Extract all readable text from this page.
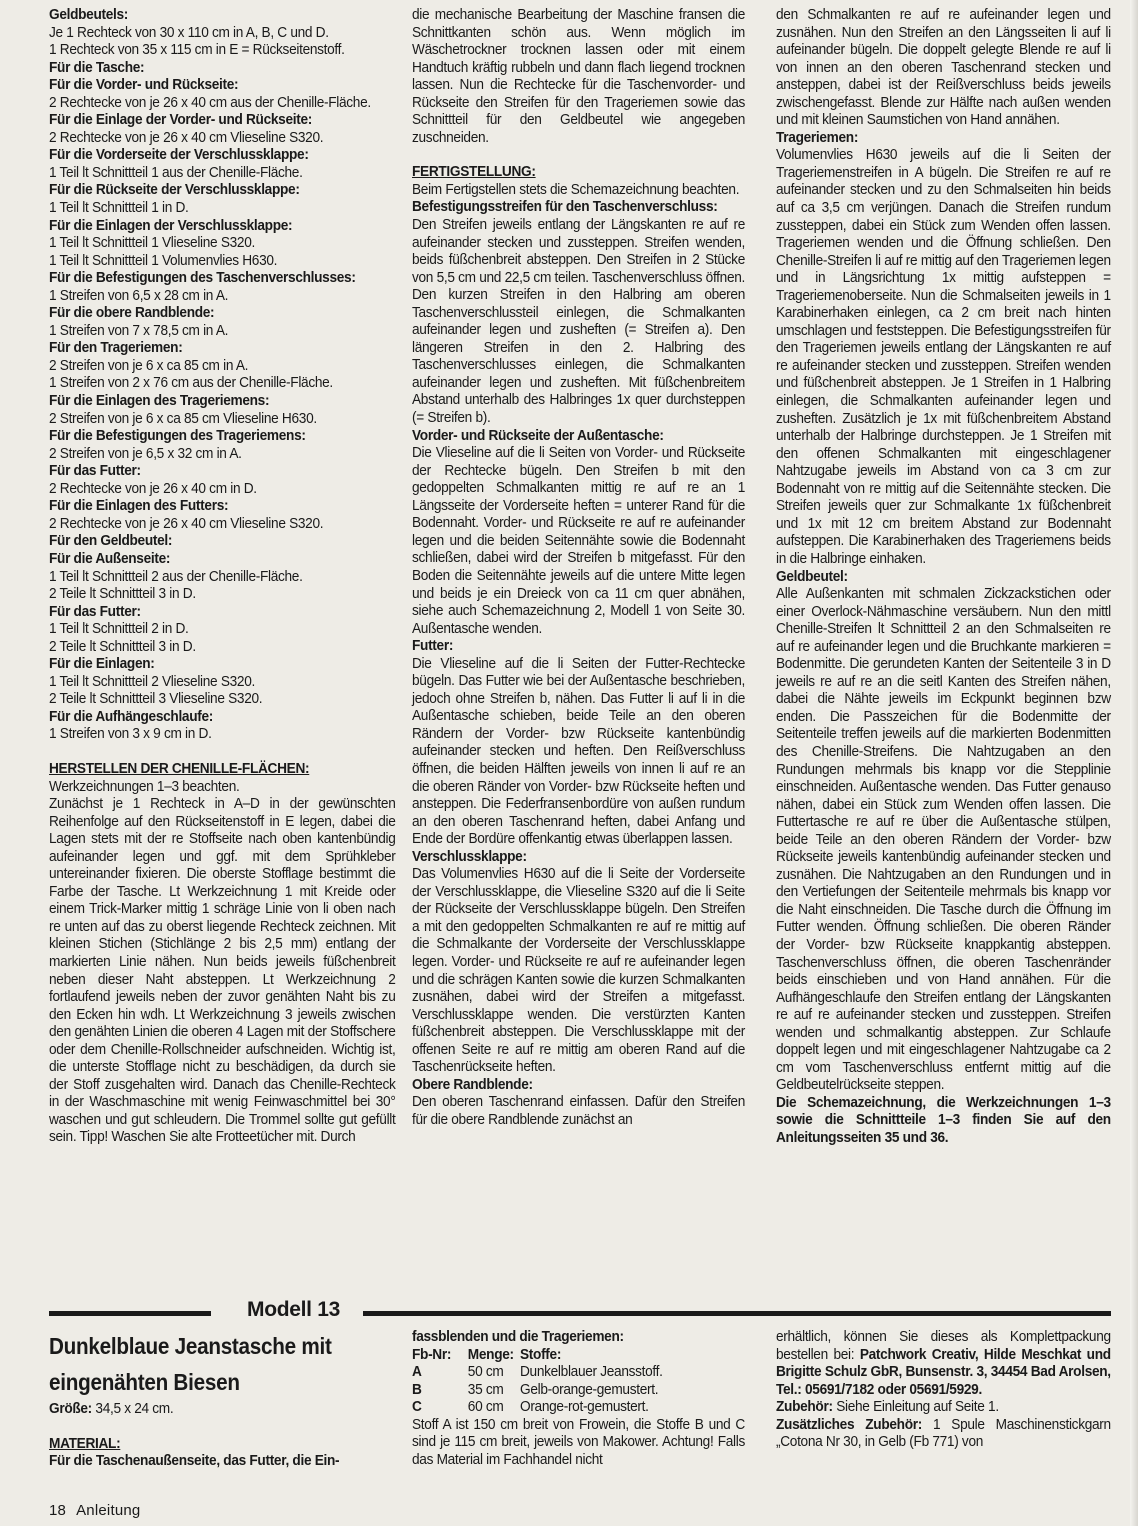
Geldbeutels:

Je 1 Rechteck von 30 x 110 cm in A, B, C und D.

1 Rechteck von 35 x 115 cm in E = Rückseitenstoff.

Für die Tasche:

Für die Vorder- und Rückseite:

2 Rechtecke von je 26 x 40 cm aus der Chenille-Fläche.

Für die Einlage der Vorder- und Rückseite:

2 Rechtecke von je 26 x 40 cm Vlieseline S320.

Für die Vorderseite der Verschlussklappe:

1 Teil lt Schnittteil 1 aus der Chenille-Fläche.

Für die Rückseite der Verschlussklappe:

1 Teil lt Schnittteil 1 in D.

Für die Einlagen der Verschlussklappe:

1 Teil lt Schnittteil 1 Vlieseline S320.

1 Teil lt Schnittteil 1 Volumenvlies H630.

Für die Befestigungen des Taschenverschlusses:

1 Streifen von 6,5 x 28 cm in A.

Für die obere Randblende:

1 Streifen von 7 x 78,5 cm in A.

Für den Trageriemen:

2 Streifen von je 6 x ca 85 cm in A.

1 Streifen von 2 x 76 cm aus der Chenille-Fläche.

Für die Einlagen des Trageriemens:

2 Streifen von je 6 x ca 85 cm Vlieseline H630.

Für die Befestigungen des Trageriemens:

2 Streifen von je 6,5 x 32 cm in A.

Für das Futter:

2 Rechtecke von je 26 x 40 cm in D.

Für die Einlagen des Futters:

2 Rechtecke von je 26 x 40 cm Vlieseline S320.

Für den Geldbeutel:

Für die Außenseite:

1 Teil lt Schnittteil 2 aus der Chenille-Fläche.

2 Teile lt Schnittteil 3 in D.

Für das Futter:

1 Teil lt Schnittteil 2 in D.

2 Teile lt Schnittteil 3 in D.

Für die Einlagen:

1 Teil lt Schnittteil 2 Vlieseline S320.

2 Teile lt Schnittteil 3 Vlieseline S320.

Für die Aufhängeschlaufe:

1 Streifen von 3 x 9 cm in D.

HERSTELLEN DER CHENILLE-FLÄCHEN:

Werkzeichnungen 1–3 beachten.

Zunächst je 1 Rechteck in A–D in der gewünschten Reihenfolge auf den Rückseitenstoff in E legen, dabei die Lagen stets mit der re Stoffseite nach oben kantenbündig aufeinander legen und ggf. mit dem Sprühkleber untereinander fixieren. Die oberste Stofflage bestimmt die Farbe der Tasche. Lt Werkzeichnung 1 mit Kreide oder einem Trick-Marker mittig 1 schräge Linie von li oben nach re unten auf das zu oberst liegende Rechteck zeichnen. Mit kleinen Stichen (Stichlänge 2 bis 2,5 mm) entlang der markierten Linie nähen. Nun beids jeweils füßchenbreit neben dieser Naht absteppen. Lt Werkzeichnung 2 fortlaufend jeweils neben der zuvor genähten Naht bis zu den Ecken hin wdh. Lt Werkzeichnung 3 jeweils zwischen den genähten Linien die oberen 4 Lagen mit der Stoffschere oder dem Chenille-Rollschneider aufschneiden. Wichtig ist, die unterste Stofflage nicht zu beschädigen, da durch sie der Stoff zusgehalten wird. Danach das Chenille-Rechteck in der Waschmaschine mit wenig Feinwaschmittel bei 30° waschen und gut schleudern. Die Trommel sollte gut gefüllt sein. Tipp! Waschen Sie alte Frotteetücher mit. Durch

die mechanische Bearbeitung der Maschine fransen die Schnittkanten schön aus. Wenn möglich im Wäschetrockner trocknen lassen oder mit einem Handtuch kräftig rubbeln und dann flach liegend trocknen lassen. Nun die Rechtecke für die Taschenvorder- und Rückseite den Streifen für den Trageriemen sowie das Schnittteil für den Geldbeutel wie angegeben zuschneiden.

FERTIGSTELLUNG:

Beim Fertigstellen stets die Schemazeichnung beachten.

Befestigungsstreifen für den Taschenverschluss:

Den Streifen jeweils entlang der Längskanten re auf re aufeinander stecken und zussteppen. Streifen wenden, beids füßchenbreit absteppen. Den Streifen in 2 Stücke von 5,5 cm und 22,5 cm teilen. Taschenverschluss öffnen. Den kurzen Streifen in den Halbring am oberen Taschenverschlussteil einlegen, die Schmalkanten aufeinander legen und zusheften (= Streifen a). Den längeren Streifen in den 2. Halbring des Taschenverschlusses einlegen, die Schmalkanten aufeinander legen und zusheften. Mit füßchenbreitem Abstand unterhalb des Halbringes 1x quer durchsteppen (= Streifen b).

Vorder- und Rückseite der Außentasche:

Die Vlieseline auf die li Seiten von Vorder- und Rückseite der Rechtecke bügeln. Den Streifen b mit den gedoppelten Schmalkanten mittig re auf re an 1 Längsseite der Vorderseite heften = unterer Rand für die Bodennaht. Vorder- und Rückseite re auf re aufeinander legen und die beiden Seitennähte sowie die Bodennaht schließen, dabei wird der Streifen b mitgefasst. Für den Boden die Seitennähte jeweils auf die untere Mitte legen und beids je ein Dreieck von ca 11 cm quer abnähen, siehe auch Schemazeichnung 2, Modell 1 von Seite 30. Außentasche wenden.

Futter:

Die Vlieseline auf die li Seiten der Futter-Rechtecke bügeln. Das Futter wie bei der Außentasche beschrieben, jedoch ohne Streifen b, nähen. Das Futter li auf li in die Außentasche schieben, beide Teile an den oberen Rändern der Vorder- bzw Rückseite kantenbündig aufeinander stecken und heften. Den Reißverschluss öffnen, die beiden Hälften jeweils von innen li auf re an die oberen Ränder von Vorder- bzw Rückseite heften und ansteppen. Die Federfransenbordüre von außen rundum an den oberen Taschenrand heften, dabei Anfang und Ende der Bordüre offenkantig etwas überlappen lassen.

Verschlussklappe:

Das Volumenvlies H630 auf die li Seite der Vorderseite der Verschlussklappe, die Vlieseline S320 auf die li Seite der Rückseite der Verschlussklappe bügeln. Den Streifen a mit den gedoppelten Schmalkanten re auf re mittig auf die Schmalkante der Vorderseite der Verschlussklappe legen. Vorder- und Rückseite re auf re aufeinander legen und die schrägen Kanten sowie die kurzen Schmalkanten zusnähen, dabei wird der Streifen a mitgefasst. Verschlussklappe wenden. Die verstürzten Kanten füßchenbreit absteppen. Die Verschlussklappe mit der offenen Seite re auf re mittig am oberen Rand auf die Taschenrückseite heften.

Obere Randblende:

Den oberen Taschenrand einfassen. Dafür den Streifen für die obere Randblende zunächst an

den Schmalkanten re auf re aufeinander legen und zusnähen. Nun den Streifen an den Längsseiten li auf li aufeinander bügeln. Die doppelt gelegte Blende re auf li von innen an den oberen Taschenrand stecken und ansteppen, dabei ist der Reißverschluss beids jeweils zwischengefasst. Blende zur Hälfte nach außen wenden und mit kleinen Saumstichen von Hand annähen.

Trageriemen:

Volumenvlies H630 jeweils auf die li Seiten der Trageriemenstreifen in A bügeln. Die Streifen re auf re aufeinander stecken und zu den Schmalseiten hin beids auf ca 3,5 cm verjüngen. Danach die Streifen rundum zussteppen, dabei ein Stück zum Wenden offen lassen. Trageriemen wenden und die Öffnung schließen. Den Chenille-Streifen li auf re mittig auf den Trageriemen legen und in Längsrichtung 1x mittig aufsteppen = Trageriemenoberseite. Nun die Schmalseiten jeweils in 1 Karabinerhaken einlegen, ca 2 cm breit nach hinten umschlagen und feststeppen. Die Befestigungsstreifen für den Trageriemen jeweils entlang der Längskanten re auf re aufeinander stecken und zussteppen. Streifen wenden und füßchenbreit absteppen. Je 1 Streifen in 1 Halbring einlegen, die Schmalkanten aufeinander legen und zusheften. Zusätzlich je 1x mit füßchenbreitem Abstand unterhalb der Halbringe durchsteppen. Je 1 Streifen mit den offenen Schmalkanten mit eingeschlagener Nahtzugabe jeweils im Abstand von ca 3 cm zur Bodennaht von re mittig auf die Seitennähte stecken. Die Streifen jeweils quer zur Schmalkante 1x füßchenbreit und 1x mit 12 cm breitem Abstand zur Bodennaht aufsteppen. Die Karabinerhaken des Trageriemens beids in die Halbringe einhaken.

Geldbeutel:

Alle Außenkanten mit schmalen Zickzackstichen oder einer Overlock-Nähmaschine versäubern. Nun den mittl Chenille-Streifen lt Schnittteil 2 an den Schmalseiten re auf re aufeinander legen und die Bruchkante markieren = Bodenmitte. Die gerundeten Kanten der Seitenteile 3 in D jeweils re auf re an die seitl Kanten des Streifen nähen, dabei die Nähte jeweils im Eckpunkt beginnen bzw enden. Die Passzeichen für die Bodenmitte der Seitenteile treffen jeweils auf die markierten Bodenmitten des Chenille-Streifens. Die Nahtzugaben an den Rundungen mehrmals bis knapp vor die Stepplinie einschneiden. Außentasche wenden. Das Futter genauso nähen, dabei ein Stück zum Wenden offen lassen. Die Futtertasche re auf re über die Außentasche stülpen, beide Teile an den oberen Rändern der Vorder- bzw Rückseite jeweils kantenbündig aufeinander stecken und zusnähen. Die Nahtzugaben an den Rundungen und in den Vertiefungen der Seitenteile mehrmals bis knapp vor die Naht einschneiden. Die Tasche durch die Öffnung im Futter wenden. Öffnung schließen. Die oberen Ränder der Vorder- bzw Rückseite knappkantig absteppen. Taschenverschluss öffnen, die oberen Taschenränder beids einschieben und von Hand annähen. Für die Aufhängeschlaufe den Streifen entlang der Längskanten re auf re aufeinander stecken und zussteppen. Streifen wenden und schmalkantig absteppen. Zur Schlaufe doppelt legen und mit eingeschlagener Nahtzugabe ca 2 cm vom Taschenverschluss entfernt mittig auf die Geldbeutelrückseite steppen.

Die Schemazeichnung, die Werkzeichnungen 1–3 sowie die Schnittteile 1–3 finden Sie auf den Anleitungsseiten 35 und 36.

Modell 13
Dunkelblaue Jeanstasche mit
eingenähten Biesen
Größe: 34,5 x 24 cm.
MATERIAL:
Für die Taschenaußenseite, das Futter, die Ein-
fassblenden und die Trageriemen:
Fb-Nr:	Menge:	Stoffe:
A	50 cm	Dunkelblauer Jeansstoff.
B	35 cm	Gelb-orange-gemustert.
C	60 cm	Orange-rot-gemustert.

Stoff A ist 150 cm breit von Frowein, die Stoffe B und C sind je 115 cm breit, jeweils von Makower. Achtung! Falls das Material im Fachhandel nicht

erhältlich, können Sie dieses als Komplettpackung bestellen bei: Patchwork Creativ, Hilde Meschkat und Brigitte Schulz GbR, Bunsenstr. 3, 34454 Bad Arolsen, Tel.: 05691/7182 oder 05691/5929.

Zubehör: Siehe Einleitung auf Seite 1.

Zusätzliches Zubehör: 1 Spule Maschinenstickgarn „Cotona Nr 30, in Gelb (Fb 771) von

18 Anleitung
